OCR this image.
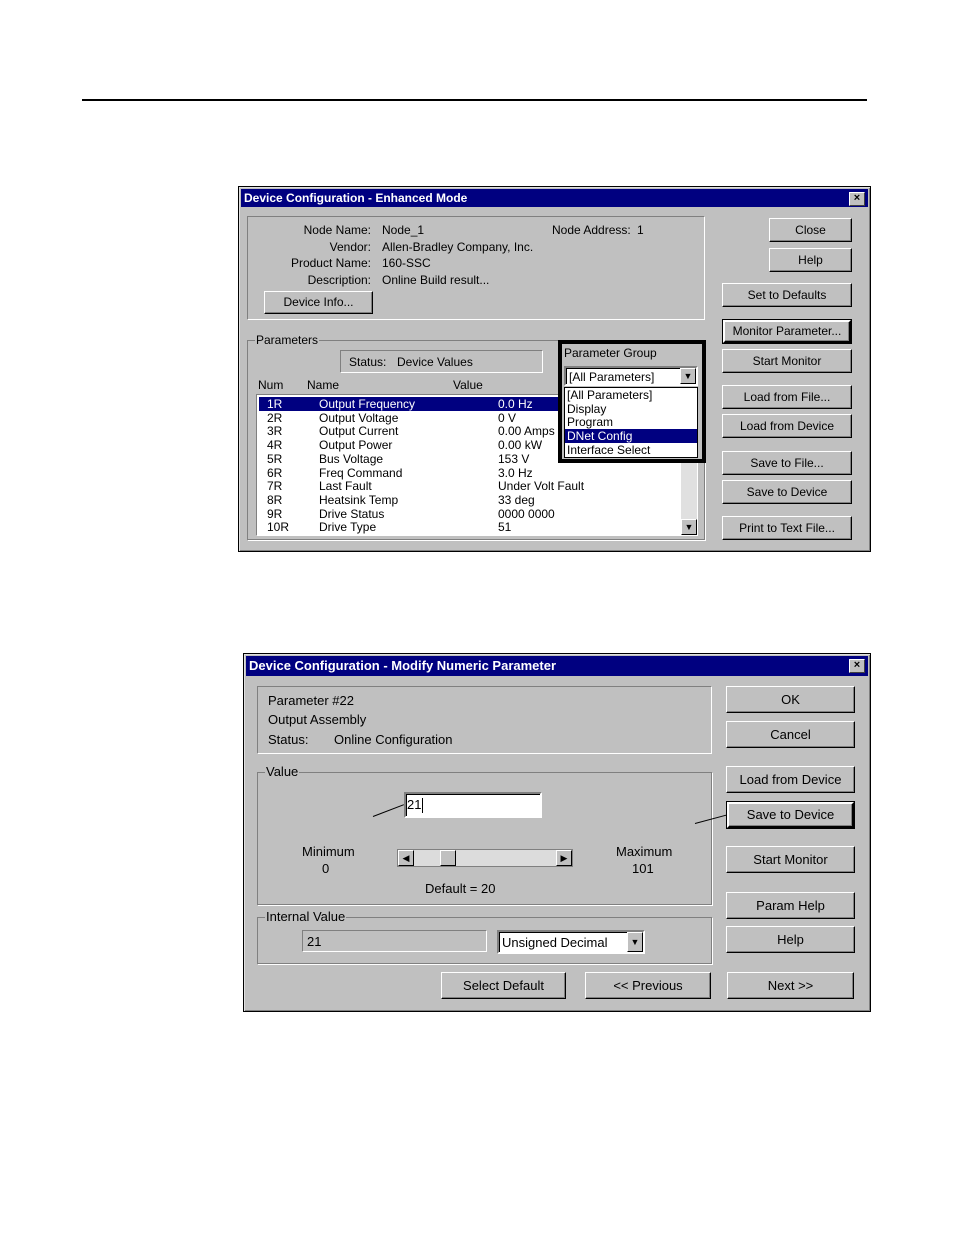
Device Configuration - Enhanced Mode	×
Node Name: Node_1	Node Address: 1
Vendor: Allen-Bradley Company, Inc.
Product Name: 160-SSC
Description: Online Build result...
Device Info...
Close
Help
Set to Defaults
Monitor Parameter...
Start Monitor
Load from File...
Load from Device
Save to File...
Save to Device
Print to Text File...
Parameters
Status: Device Values
Num Name	Value
1R	Output Frequency	0.0 Hz
2R	Output Voltage	0 V
3R	Output Current	0.00 Amps
4R	Output Power	0.00 kW
5R	Bus Voltage	153 V
6R	Freq Command	3.0 Hz
7R	Last Fault	Under Volt Fault
8R	Heatsink Temp	33 deg
9R	Drive Status	0000 0000
10R Drive Type	51	▼
Parameter Group
[All Parameters]	▼
[All Parameters]
Display
Program
DNet Config
Interface Select
Device Configuration - Modify Numeric Parameter	×
Parameter #22
Output Assembly
Status: Online Configuration
Value
21
Minimum
0
Maximum
101
◀	▶
Default = 20
Internal Value
21	Unsigned Decimal	▼
OK
Cancel
Load from Device
Save to Device
Start Monitor
Param Help
Help
Select Default	<< Previous	Next >>
